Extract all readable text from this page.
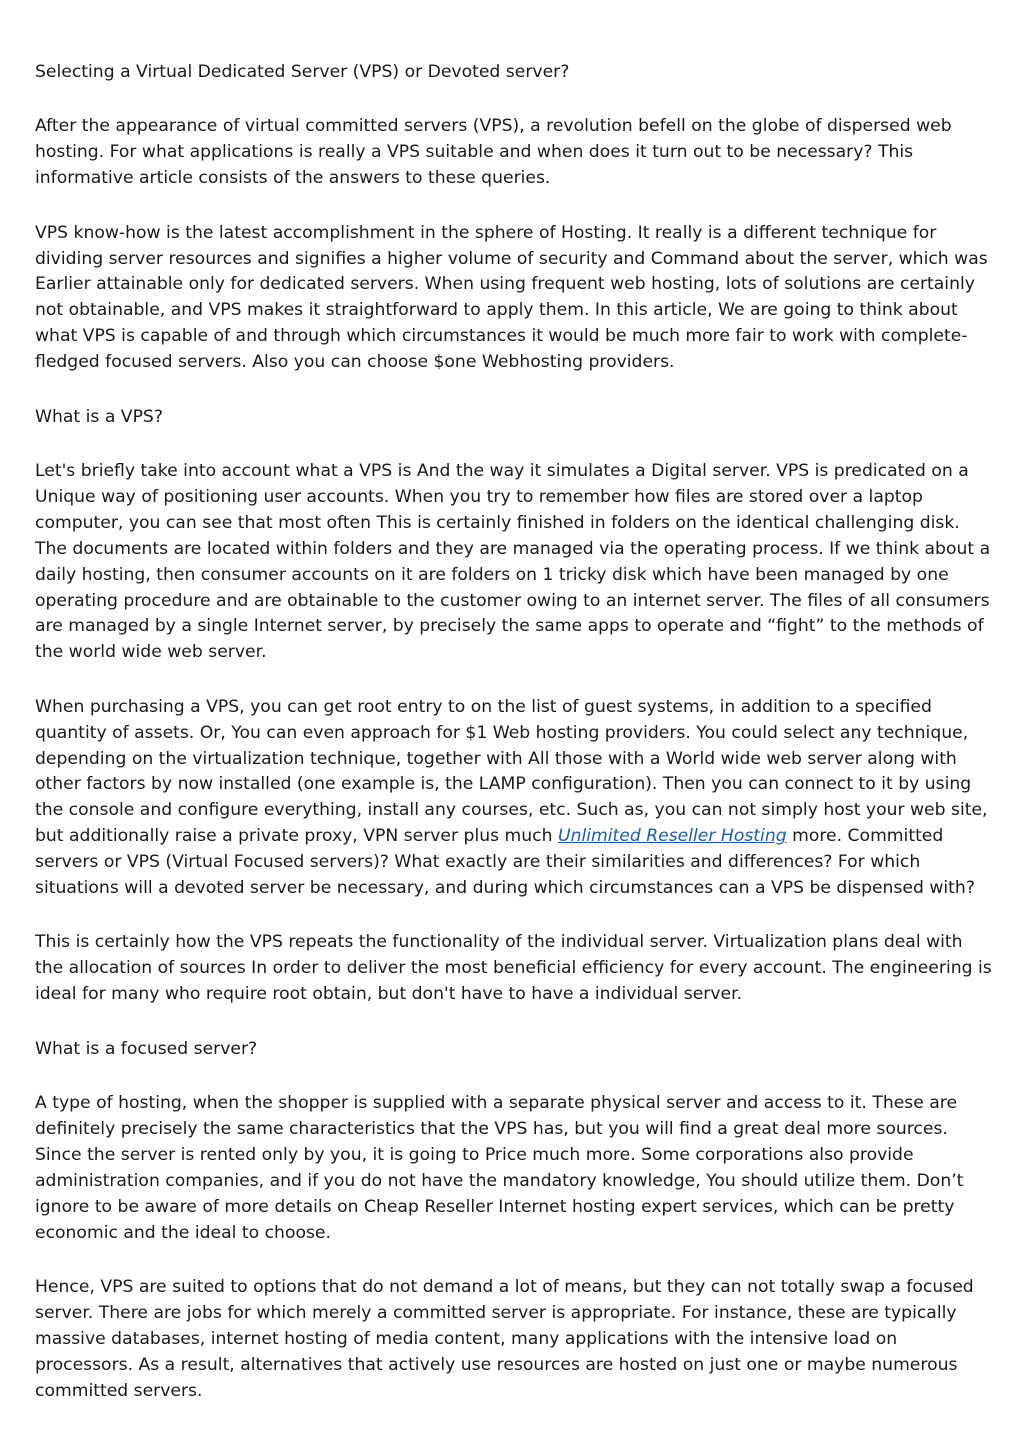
Selecting a Virtual Dedicated Server (VPS) or Devoted server?

After the appearance of virtual committed servers (VPS), a revolution befell on the globe of dispersed web hosting. For what applications is really a VPS suitable and when does it turn out to be necessary? This informative article consists of the answers to these queries.

VPS know-how is the latest accomplishment in the sphere of Hosting. It really is a different technique for dividing server resources and signifies a higher volume of security and Command about the server, which was Earlier attainable only for dedicated servers. When using frequent web hosting, lots of solutions are certainly not obtainable, and VPS makes it straightforward to apply them. In this article, We are going to think about what VPS is capable of and through which circumstances it would be much more fair to work with complete-fledged focused servers. Also you can choose $one Webhosting providers.

What is a VPS?

Let's briefly take into account what a VPS is And the way it simulates a Digital server. VPS is predicated on a Unique way of positioning user accounts. When you try to remember how files are stored over a laptop computer, you can see that most often This is certainly finished in folders on the identical challenging disk. The documents are located within folders and they are managed via the operating process. If we think about a daily hosting, then consumer accounts on it are folders on 1 tricky disk which have been managed by one operating procedure and are obtainable to the customer owing to an internet server. The files of all consumers are managed by a single Internet server, by precisely the same apps to operate and “fight” to the methods of the world wide web server.

When purchasing a VPS, you can get root entry to on the list of guest systems, in addition to a specified quantity of assets. Or, You can even approach for $1 Web hosting providers. You could select any technique, depending on the virtualization technique, together with All those with a World wide web server along with other factors by now installed (one example is, the LAMP configuration). Then you can connect to it by using the console and configure everything, install any courses, etc. Such as, you can not simply host your web site, but additionally raise a private proxy, VPN server plus much Unlimited Reseller Hosting more. Committed servers or VPS (Virtual Focused servers)? What exactly are their similarities and differences? For which situations will a devoted server be necessary, and during which circumstances can a VPS be dispensed with?

This is certainly how the VPS repeats the functionality of the individual server. Virtualization plans deal with the allocation of sources In order to deliver the most beneficial efficiency for every account. The engineering is ideal for many who require root obtain, but don't have to have a individual server.

What is a focused server?

A type of hosting, when the shopper is supplied with a separate physical server and access to it. These are definitely precisely the same characteristics that the VPS has, but you will find a great deal more sources. Since the server is rented only by you, it is going to Price much more. Some corporations also provide administration companies, and if you do not have the mandatory knowledge, You should utilize them. Don’t ignore to be aware of more details on Cheap Reseller Internet hosting expert services, which can be pretty economic and the ideal to choose.

Hence, VPS are suited to options that do not demand a lot of means, but they can not totally swap a focused server. There are jobs for which merely a committed server is appropriate. For instance, these are typically massive databases, internet hosting of media content, many applications with the intensive load on processors. As a result, alternatives that actively use resources are hosted on just one or maybe numerous committed servers.
